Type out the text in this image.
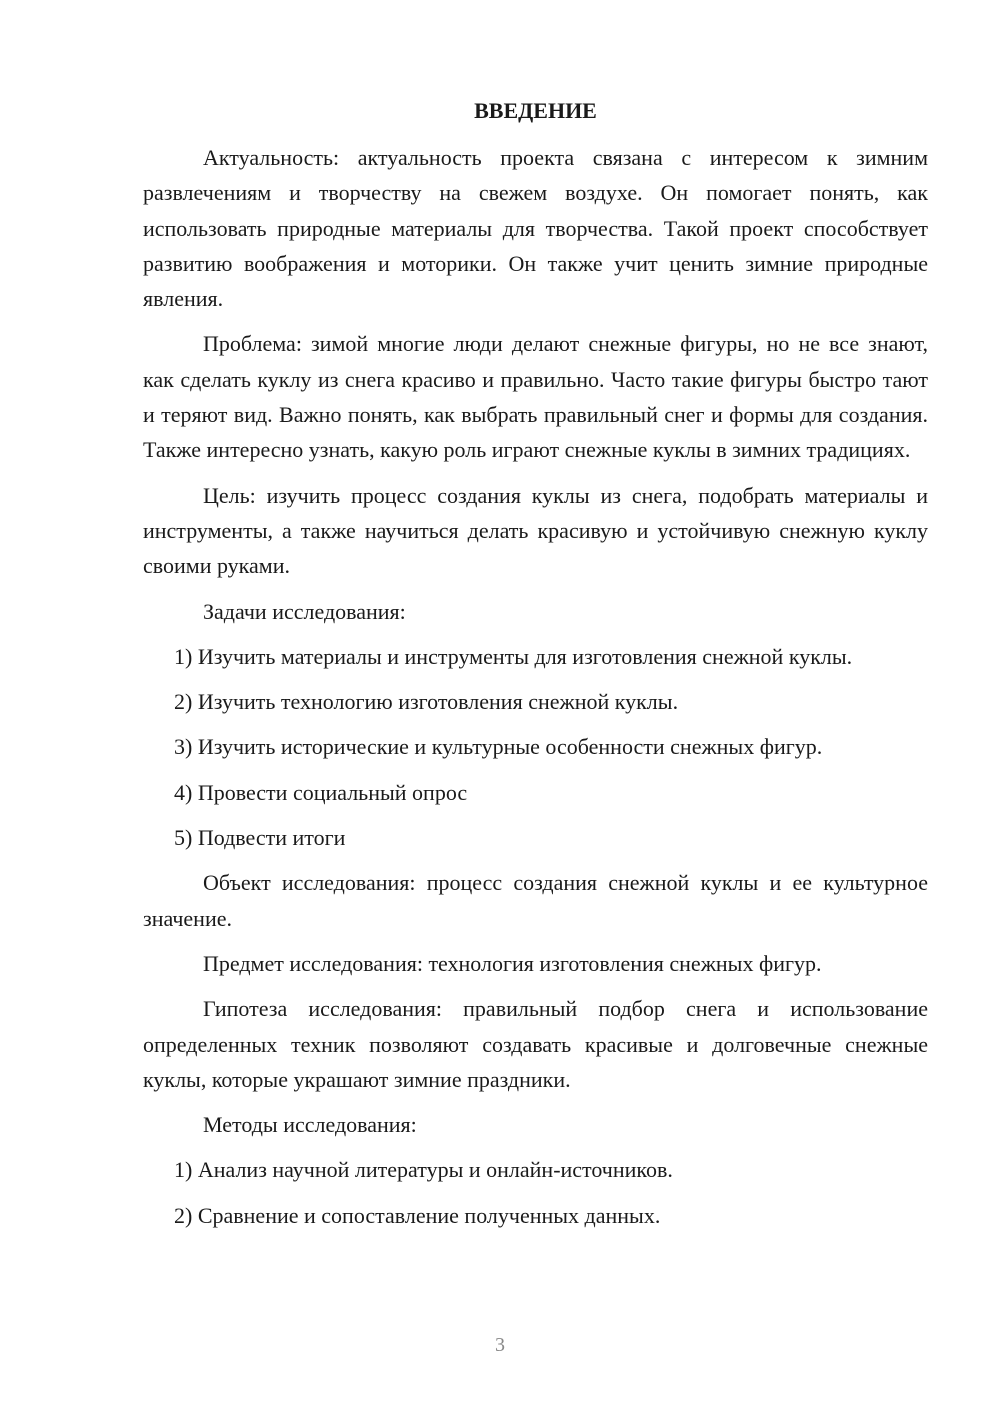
ВВЕДЕНИЕ

Актуальность: актуальность проекта связана с интересом к зимним развлечениям и творчеству на свежем воздухе. Он помогает понять, как использовать природные материалы для творчества. Такой проект способствует развитию воображения и моторики. Он также учит ценить зимние природные явления.

Проблема: зимой многие люди делают снежные фигуры, но не все знают, как сделать куклу из снега красиво и правильно. Часто такие фигуры быстро тают и теряют вид. Важно понять, как выбрать правильный снег и формы для создания. Также интересно узнать, какую роль играют снежные куклы в зимних традициях.

Цель: изучить процесс создания куклы из снега, подобрать материалы и инструменты, а также научиться делать красивую и устойчивую снежную куклу своими руками.

Задачи исследования:

1) Изучить материалы и инструменты для изготовления снежной куклы.

2) Изучить технологию изготовления снежной куклы.

3) Изучить исторические и культурные особенности снежных фигур.

4) Провести социальный опрос

5) Подвести итоги

Объект исследования: процесс создания снежной куклы и ее культурное значение.

Предмет исследования: технология изготовления снежных фигур.

Гипотеза исследования: правильный подбор снега и использование определенных техник позволяют создавать красивые и долговечные снежные куклы, которые украшают зимние праздники.

Методы исследования:

1) Анализ научной литературы и онлайн-источников.

2) Сравнение и сопоставление полученных данных.

3
